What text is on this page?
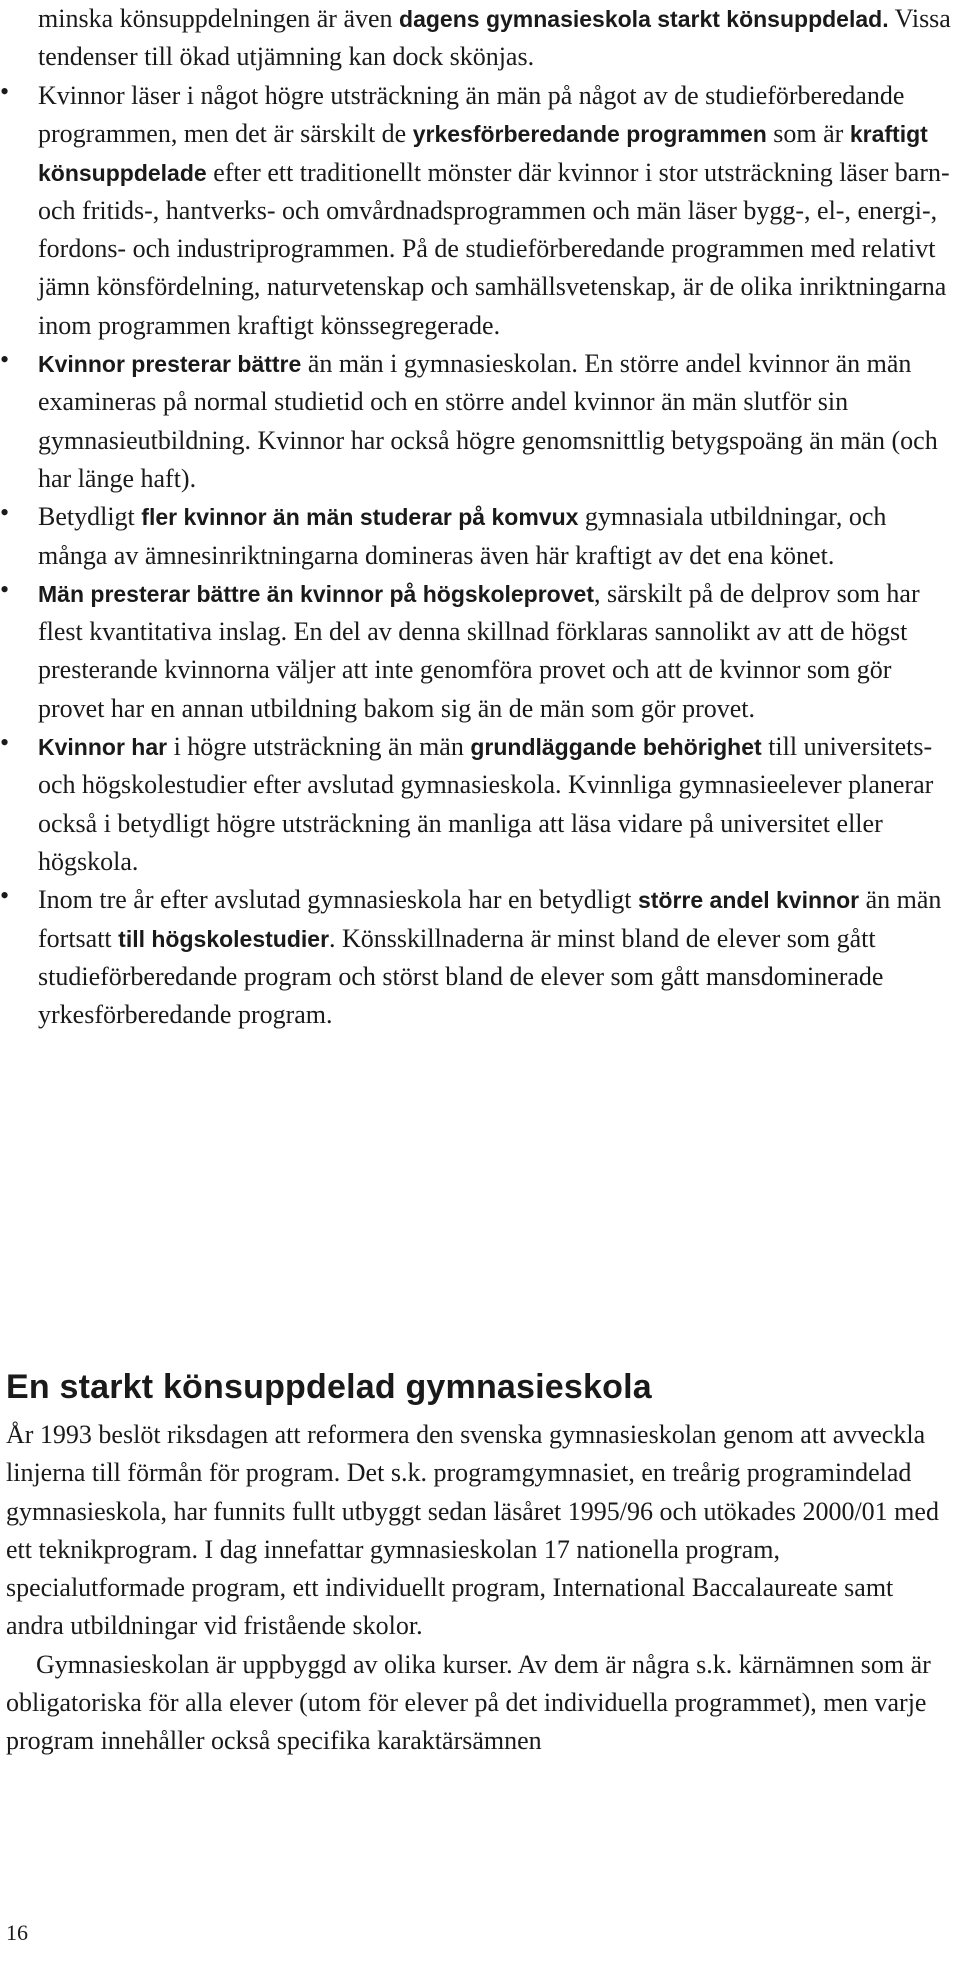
minska könsuppdelningen är även dagens gymnasieskola starkt könsuppdelad. Vissa tendenser till ökad utjämning kan dock skönjas.

•	Kvinnor läser i något högre utsträckning än män på något av de studieförberedande programmen, men det är särskilt de yrkesförberedande programmen som är kraftigt könsuppdelade efter ett traditionellt mönster där kvinnor i stor utsträckning läser barn- och fritids-, hantverks- och omvårdnadsprogrammen och män läser bygg-, el-, energi-, fordons- och industriprogrammen. På de studieförberedande programmen med relativt jämn könsfördelning, naturvetenskap och samhällsvetenskap, är de olika inriktningarna inom programmen kraftigt könssegregerade.

•	Kvinnor presterar bättre än män i gymnasieskolan. En större andel kvinnor än män examineras på normal studietid och en större andel kvinnor än män slutför sin gymnasieutbildning. Kvinnor har också högre genomsnittlig betygspoäng än män (och har länge haft).

•	Betydligt fler kvinnor än män studerar på komvux gymnasiala utbildningar, och många av ämnesinriktningarna domineras även här kraftigt av det ena könet.

•	Män presterar bättre än kvinnor på högskoleprovet, särskilt på de delprov som har flest kvantitativa inslag. En del av denna skillnad förklaras sannolikt av att de högst presterande kvinnorna väljer att inte genomföra provet och att de kvinnor som gör provet har en annan utbildning bakom sig än de män som gör provet.

•	Kvinnor har i högre utsträckning än män grundläggande behörighet till universitets- och högskolestudier efter avslutad gymnasieskola. Kvinnliga gymnasieelever planerar också i betydligt högre utsträckning än manliga att läsa vidare på universitet eller högskola.

•	Inom tre år efter avslutad gymnasieskola har en betydligt större andel kvinnor än män fortsatt till högskolestudier. Könsskillnaderna är minst bland de elever som gått studieförberedande program och störst bland de elever som gått mansdominerade yrkesförberedande program.

En starkt könsuppdelad gymnasieskola

År 1993 beslöt riksdagen att reformera den svenska gymnasieskolan genom att avveckla linjerna till förmån för program. Det s.k. programgymnasiet, en treårig programindelad gymnasieskola, har funnits fullt utbyggt sedan läsåret 1995/96 och utökades 2000/01 med ett teknikprogram. I dag innefattar gymnasieskolan 17 nationella program, specialutformade program, ett individuellt program, International Baccalaureate samt andra utbildningar vid fristående skolor.

Gymnasieskolan är uppbyggd av olika kurser. Av dem är några s.k. kärnämnen som är obligatoriska för alla elever (utom för elever på det individuella programmet), men varje program innehåller också specifika karaktärsämnen

16
